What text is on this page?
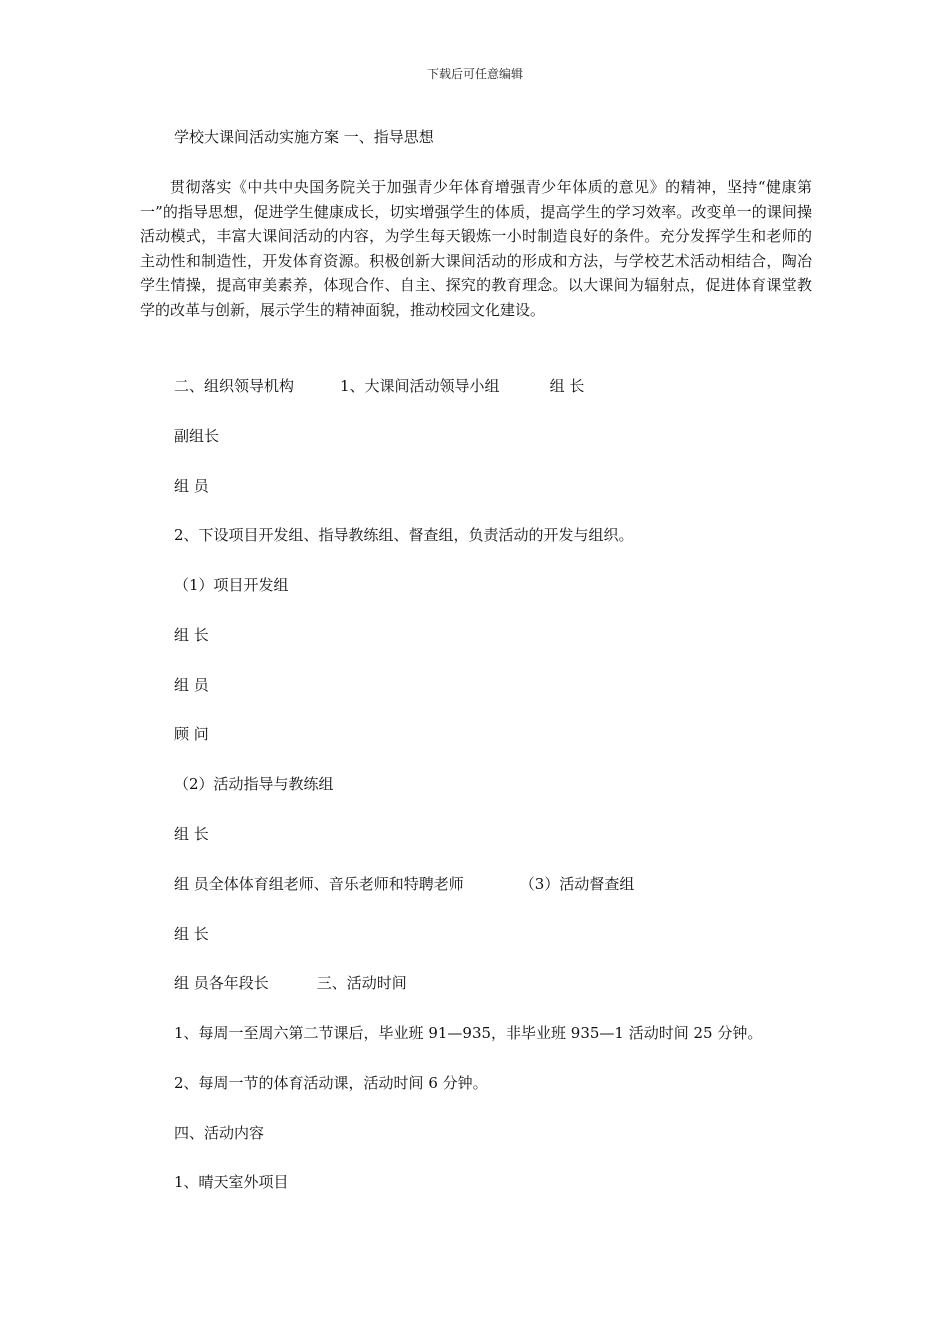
下载后可任意编辑
学校大课间活动实施方案 一、指导思想

贯彻落实《中共中央国务院关于加强青少年体育增强青少年体质的意见》的精神，坚持“健康第一”的指导思想，促进学生健康成长，切实增强学生的体质，提高学生的学习效率。改变单一的课间操活动模式，丰富大课间活动的内容，为学生每天锻炼一小时制造良好的条件。充分发挥学生和老师的主动性和制造性，开发体育资源。积极创新大课间活动的形成和方法，与学校艺术活动相结合，陶冶学生情操，提高审美素养，体现合作、自主、探究的教育理念。以大课间为辐射点，促进体育课堂教学的改革与创新，展示学生的精神面貌，推动校园文化建设。

二、组织领导机构	1、大课间活动领导小组	组 长
副组长
组 员
2、下设项目开发组、指导教练组、督查组，负责活动的开发与组织。
（1）项目开发组
组 长
组 员
顾 问
（2）活动指导与教练组
组 长
组 员全体体育组老师、音乐老师和特聘老师	（3）活动督查组
组 长
组 员各年段长	三、活动时间
1、每周一至周六第二节课后，毕业班 91—935，非毕业班 935—1 活动时间 25 分钟。
2、每周一节的体育活动课，活动时间 6 分钟。
四、活动内容
1、晴天室外项目
